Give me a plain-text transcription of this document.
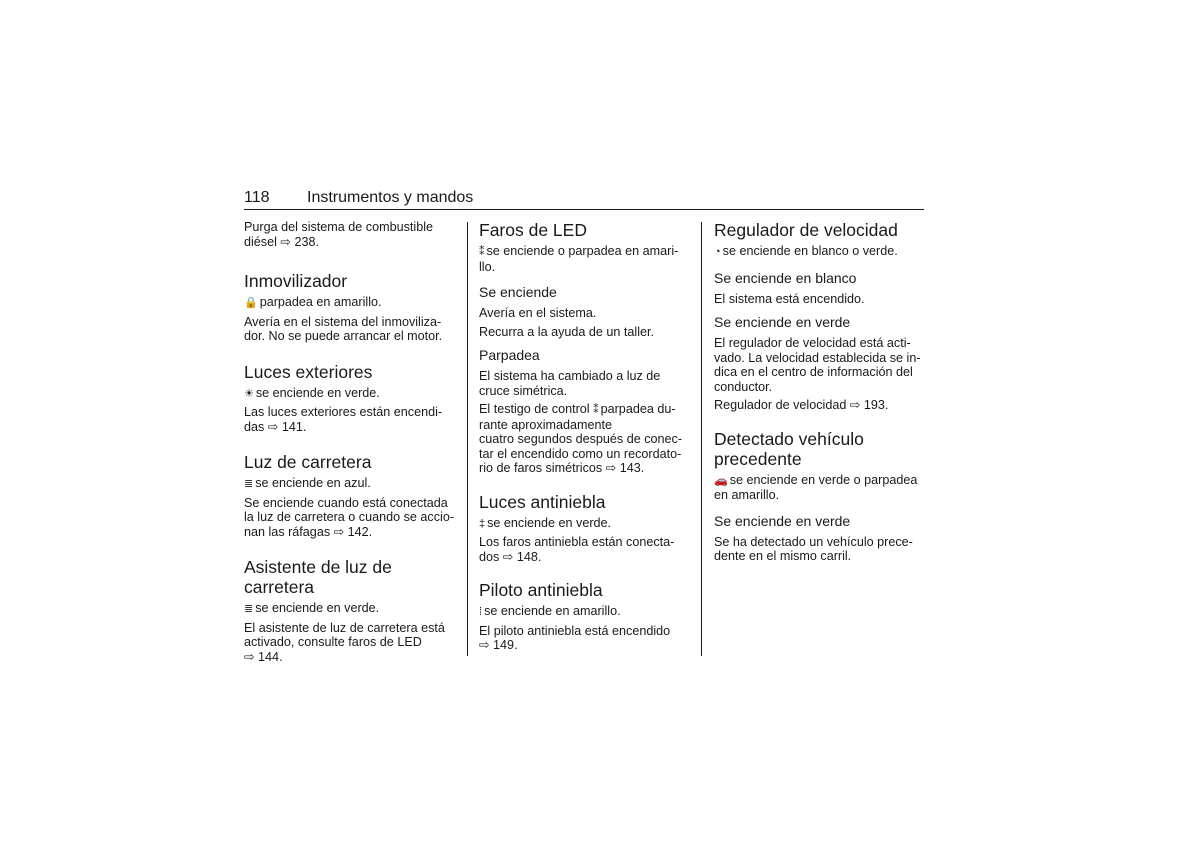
118 Instrumentos y mandos

Purga del sistema de combustible
diésel ⇨ 238.

Inmovilizador

🔒 parpadea en amarillo.

Avería en el sistema del inmoviliza-
dor. No se puede arrancar el motor.

Luces exteriores

☀ se enciende en verde.

Las luces exteriores están encendi-
das ⇨ 141.

Luz de carretera

≣ se enciende en azul.

Se enciende cuando está conectada
la luz de carretera o cuando se accio-
nan las ráfagas ⇨ 142.

Asistente de luz de
carretera

≣ se enciende en verde.

El asistente de luz de carretera está
activado, consulte faros de LED
⇨ 144.

Faros de LED

⁑ se enciende o parpadea en amari-
llo.

Se enciende

Avería en el sistema.

Recurra a la ayuda de un taller.

Parpadea

El sistema ha cambiado a luz de
cruce simétrica.

El testigo de control ⁑ parpadea du-
rante aproximadamente
cuatro segundos después de conec-
tar el encendido como un recordato-
rio de faros simétricos ⇨ 143.

Luces antiniebla

‡ se enciende en verde.

Los faros antiniebla están conecta-
dos ⇨ 148.

Piloto antiniebla

⁞ se enciende en amarillo.

El piloto antiniebla está encendido
⇨ 149.

Regulador de velocidad

◔ se enciende en blanco o verde.

Se enciende en blanco

El sistema está encendido.

Se enciende en verde

El regulador de velocidad está acti-
vado. La velocidad establecida se in-
dica en el centro de información del
conductor.

Regulador de velocidad ⇨ 193.

Detectado vehículo
precedente

🚗 se enciende en verde o parpadea
en amarillo.

Se enciende en verde

Se ha detectado un vehículo prece-
dente en el mismo carril.
